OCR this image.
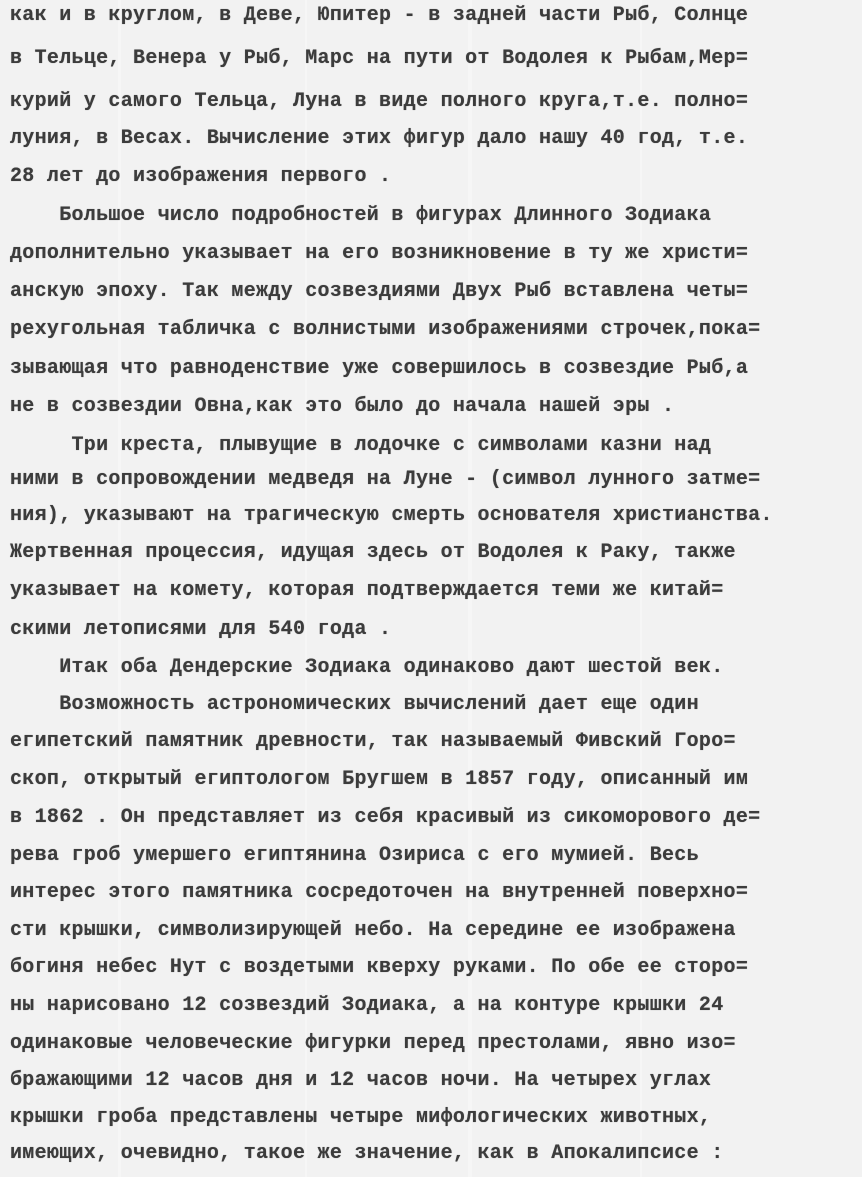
как и в круглом, в Деве, Юпитер - в задней части Рыб, Солнце
в Тельце, Венера у Рыб, Марс на пути от Водолея к Рыбам,Мер=
курий у самого Тельца, Луна в виде полного круга,т.е. полно=
луния, в Весах. Вычисление этих фигур дало нашу 40 год, т.е.
28 лет до изображения первого .
Большое число подробностей в фигурах Длинного Зодиака
дополнительно указывает на его возникновение в ту же христи=
анскую эпоху. Так между созвездиями Двух Рыб вставлена четы=
рехугольная табличка с волнистыми изображениями строчек,пока=
зывающая что равноденствие уже совершилось в созвездие Рыб,а
не в созвездии Овна,как это было до начала нашей эры .
Три креста, плывущие в лодочке с символами казни над
ними в сопровождении медведя на Луне - (символ лунного затме=
ния), указывают на трагическую смерть основателя христианства.
Жертвенная процессия, идущая здесь от Водолея к Раку, также
указывает на комету, которая подтверждается теми же китай=
скими летописями для 540 года .
Итак оба Дендерские Зодиака одинаково дают шестой век.
Возможность астрономических вычислений дает еще один
египетский памятник древности, так называемый Фивский Горо=
скоп, открытый египтологом Бругшем в 1857 году, описанный им
в 1862 . Он представляет из себя красивый из сикоморового де=
рева гроб умершего египтянина Озириса с его мумией. Весь
интерес этого памятника сосредоточен на внутренней поверхно=
сти крышки, символизирующей небо. На середине ее изображена
богиня небес Нут с воздетыми кверху руками. По обе ее сторо=
ны нарисовано 12 созвездий Зодиака, а на контуре крышки 24
одинаковые человеческие фигурки перед престолами, явно изо=
бражающими 12 часов дня и 12 часов ночи. На четырех углах
крышки гроба представлены четыре мифологических животных,
имеющих, очевидно, такое же значение, как в Апокалипсисе :
